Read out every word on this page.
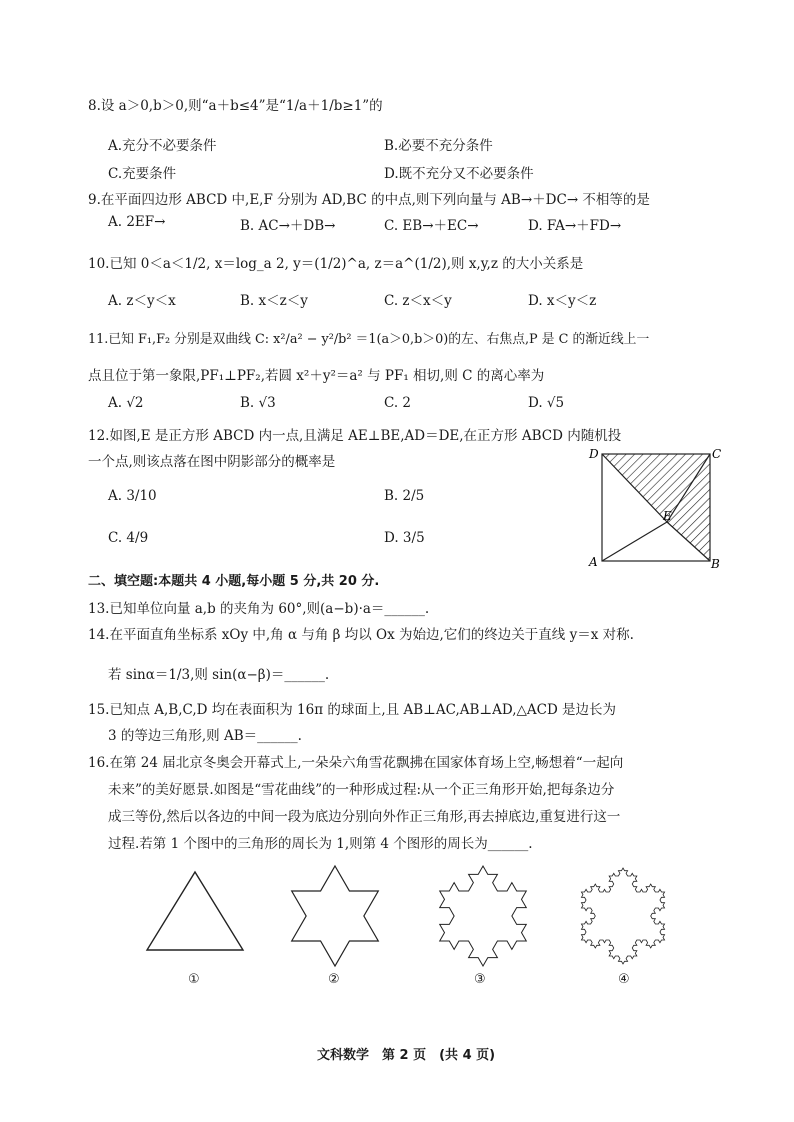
8.设 a＞0,b＞0,则“a＋b≤4”是“1/a＋1/b≥1”的
A.充分不必要条件	B.必要不充分条件
C.充要条件	D.既不充分又不必要条件
9.在平面四边形 ABCD 中,E,F 分别为 AD,BC 的中点,则下列向量与 AB→＋DC→ 不相等的是
A. 2EF→	B. AC→＋DB→	C. EB→＋EC→	D. FA→＋FD→
10.已知 0＜a＜1/2, x＝log_a 2, y＝(1/2)^a, z＝a^(1/2),则 x,y,z 的大小关系是
A. z＜y＜x	B. x＜z＜y	C. z＜x＜y	D. x＜y＜z
11.已知 F₁,F₂ 分别是双曲线 C: x²/a² − y²/b² ＝1(a＞0,b＞0)的左、右焦点,P 是 C 的渐近线上一
点且位于第一象限,PF₁⊥PF₂,若圆 x²＋y²＝a² 与 PF₁ 相切,则 C 的离心率为
A. √2	B. √3	C. 2	D. √5
12.如图,E 是正方形 ABCD 内一点,且满足 AE⊥BE,AD＝DE,在正方形 ABCD 内随机投
一个点,则该点落在图中阴影部分的概率是
A. 3/10	B. 2/5
C. 4/9	D. 3/5
D	C
E
A	B
二、填空题:本题共 4 小题,每小题 5 分,共 20 分.
13.已知单位向量 a,b 的夹角为 60°,则(a−b)·a＝______.
14.在平面直角坐标系 xOy 中,角 α 与角 β 均以 Ox 为始边,它们的终边关于直线 y＝x 对称.
若 sinα＝1/3,则 sin(α−β)＝______.
15.已知点 A,B,C,D 均在表面积为 16π 的球面上,且 AB⊥AC,AB⊥AD,△ACD 是边长为
3 的等边三角形,则 AB＝______.
16.在第 24 届北京冬奥会开幕式上,一朵朵六角雪花飘拂在国家体育场上空,畅想着“一起向
未来”的美好愿景.如图是“雪花曲线”的一种形成过程:从一个正三角形开始,把每条边分
成三等份,然后以各边的中间一段为底边分别向外作正三角形,再去掉底边,重复进行这一
过程.若第 1 个图中的三角形的周长为 1,则第 4 个图形的周长为______.
①	②	③	④
文科数学　第 2 页　(共 4 页)
